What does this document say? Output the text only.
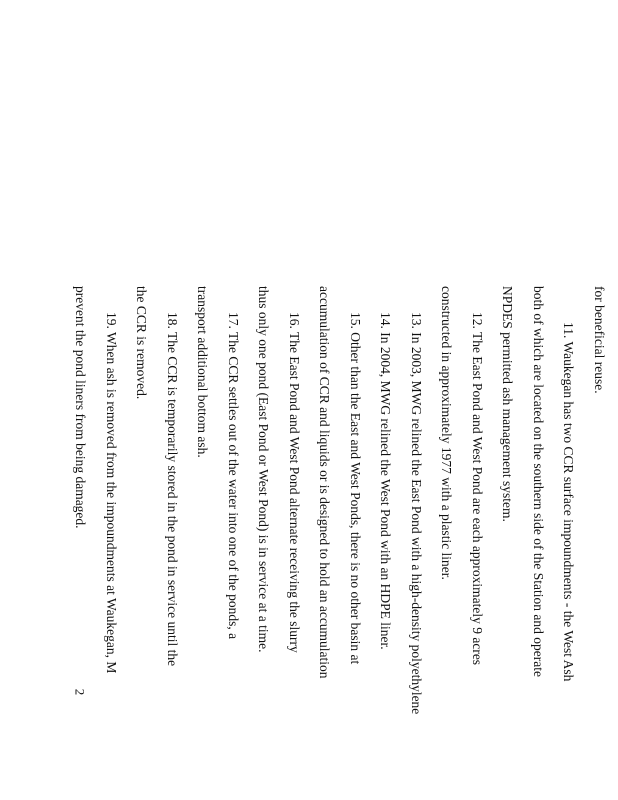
for beneficial reuse.
11. Waukegan has two CCR surface impoundments - the West Ash
both of which are located on the southern side of the Station and operate
NPDES permitted ash management system.
12. The East Pond and West Pond are each approximately 9 acres
constructed in approximately 1977 with a plastic liner.
13. In 2003, MWG relined the East Pond with a high-density polyethylene
14. In 2004, MWG relined the West Pond with an HDPE liner.
15. Other than the East and West Ponds, there is no other basin at
accumulation of CCR and liquids or is designed to hold an accumulation
16. The East Pond and West Pond alternate receiving the slurry
thus only one pond (East Pond or West Pond) is in service at a time.
17. The CCR settles out of the water into one of the ponds, a
transport additional bottom ash.
18. The CCR is temporarily stored in the pond in service until the
the CCR is removed.
19. When ash is removed from the impoundments at Waukegan, M
prevent the pond liners from being damaged.
2
